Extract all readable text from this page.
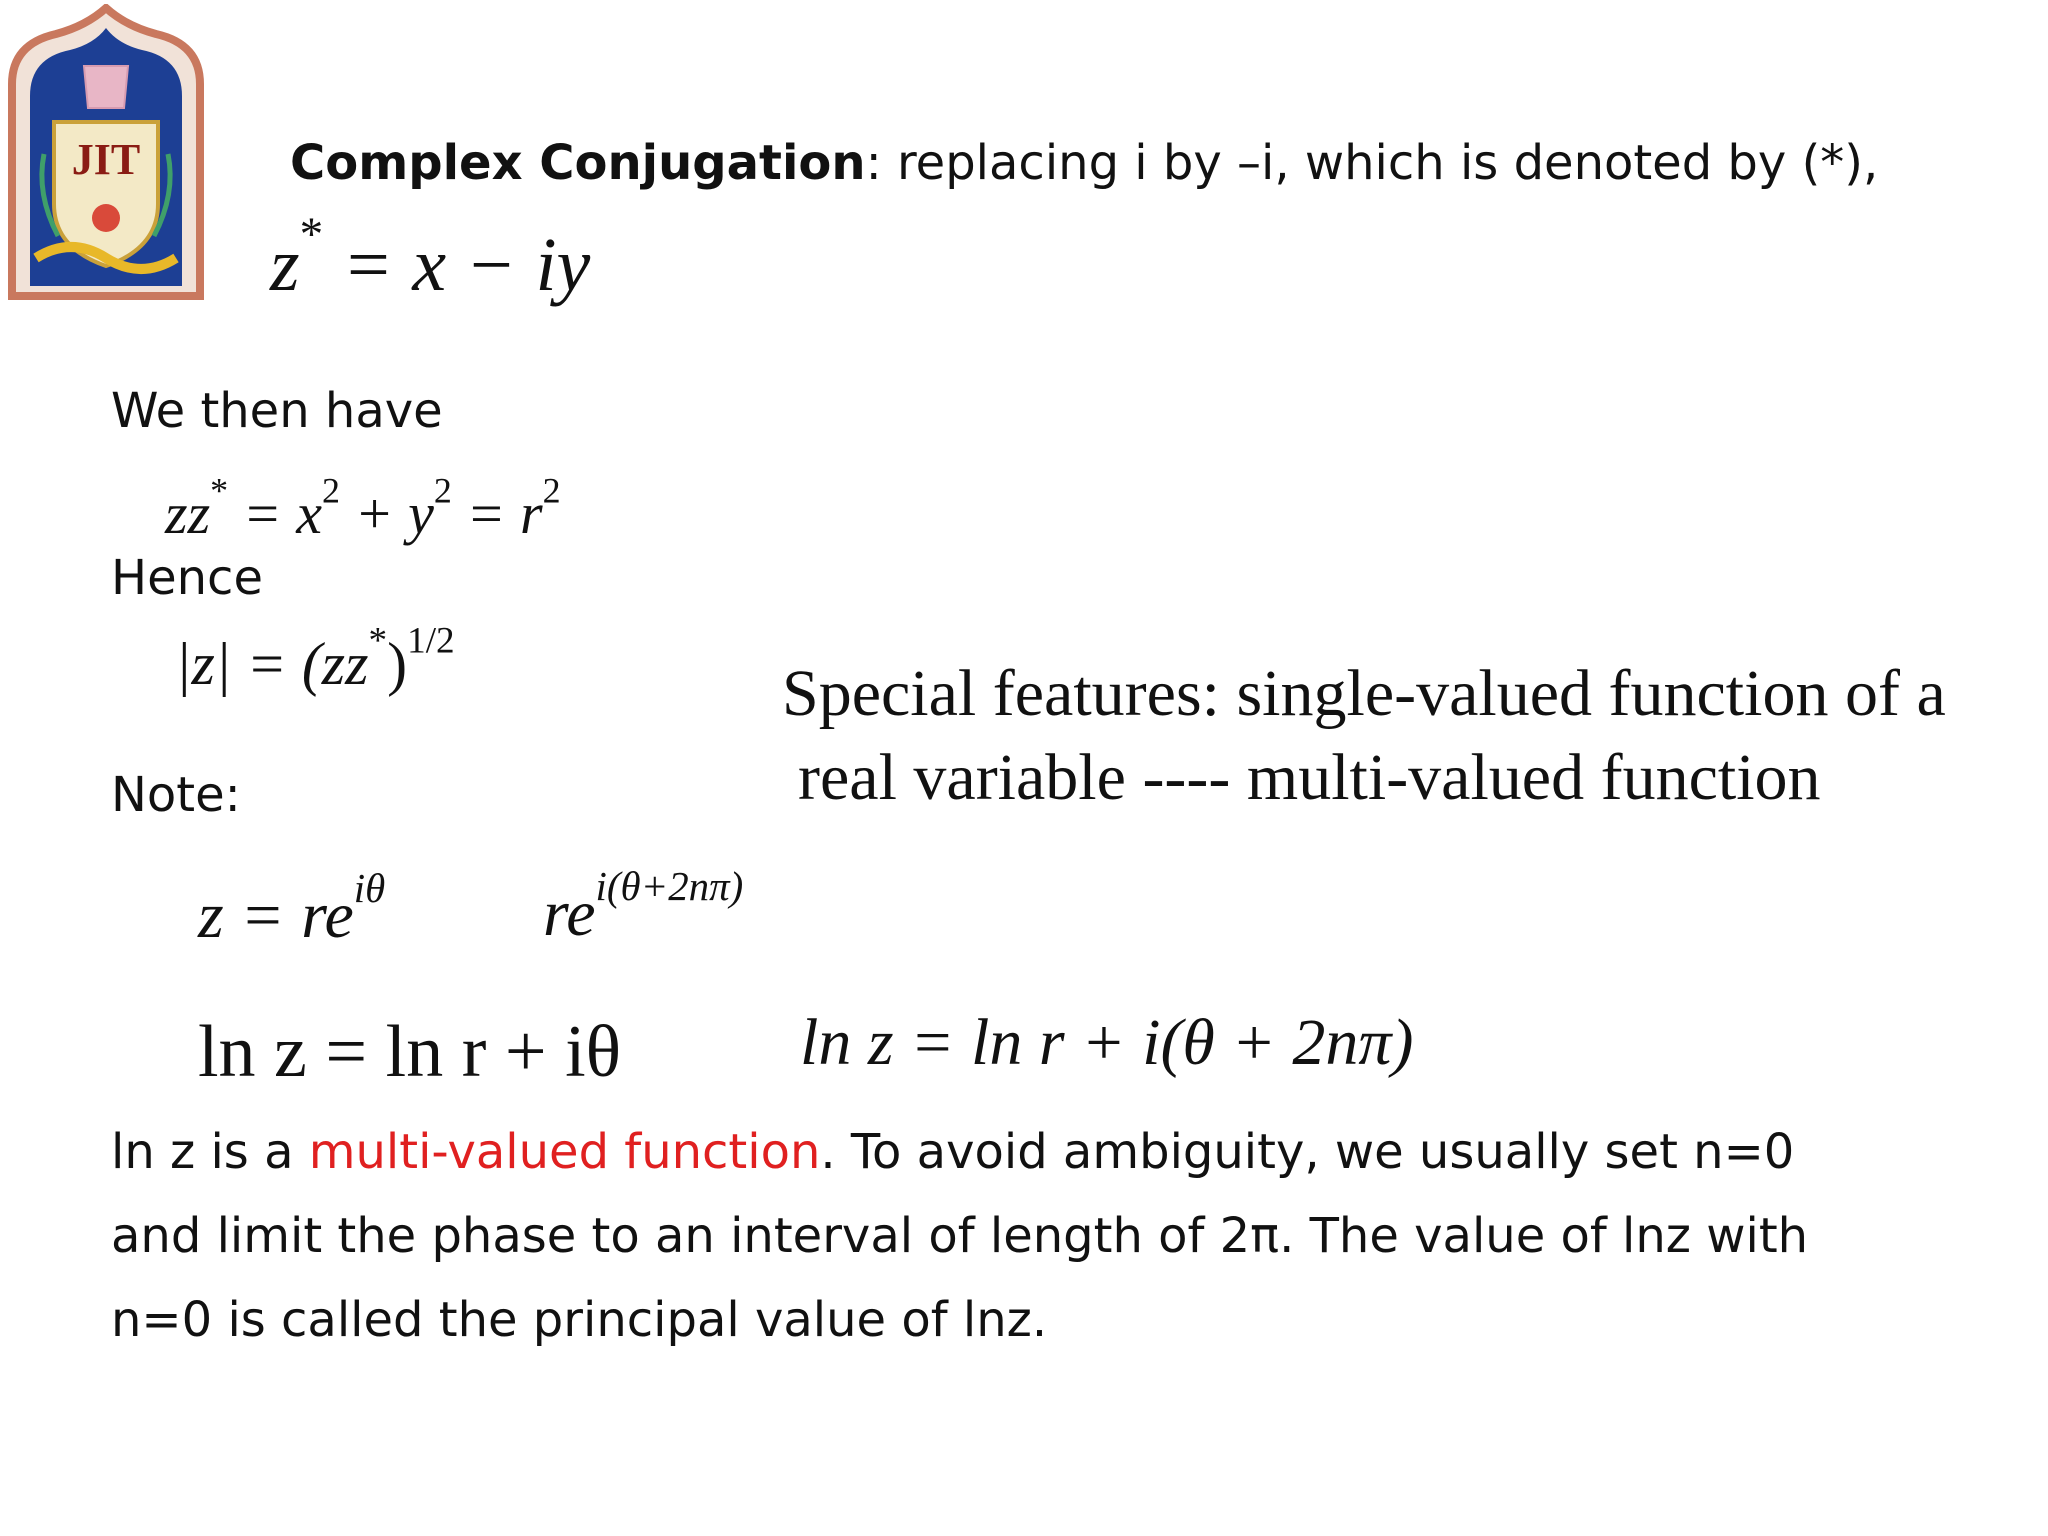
JIT	Complex Conjugation: replacing i by –i, which is denoted by (*),
z* = x − iy
We then have
$zz^* = x^2 + y^2 = r^2$
Hence
$|z| = (zz^*)^{1/2}$
Special features: single-valued function of a
real variable ---- multi-valued function
Note:
$z = re^{i\theta}$ $re^{i(\theta+2n\pi)}$
ln z = ln r + iθ	ln z = ln r + i(θ + 2nπ)
ln z is a multi-valued function. To avoid ambiguity, we usually set n=0
and limit the phase to an interval of length of 2π. The value of lnz with
n=0 is called the principal value of lnz.
